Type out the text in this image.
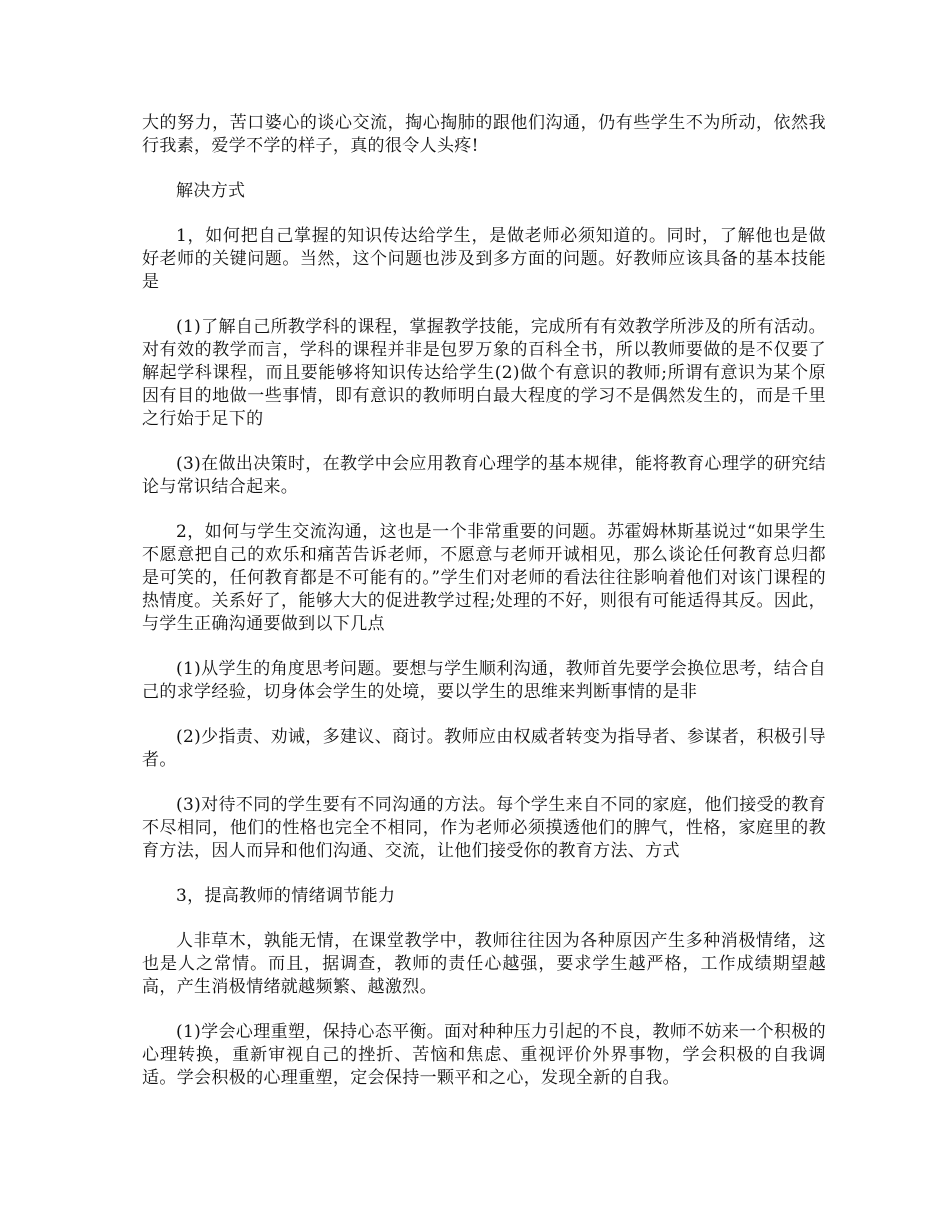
大的努力，苦口婆心的谈心交流，掏心掏肺的跟他们沟通，仍有些学生不为所动，依然我行我素，爱学不学的样子，真的很令人头疼!

解决方式

1，如何把自己掌握的知识传达给学生，是做老师必须知道的。同时，了解他也是做好老师的关键问题。当然，这个问题也涉及到多方面的问题。好教师应该具备的基本技能是

(1)了解自己所教学科的课程，掌握教学技能，完成所有有效教学所涉及的所有活动。对有效的教学而言，学科的课程并非是包罗万象的百科全书，所以教师要做的是不仅要了解起学科课程，而且要能够将知识传达给学生(2)做个有意识的教师;所谓有意识为某个原因有目的地做一些事情，即有意识的教师明白最大程度的学习不是偶然发生的，而是千里之行始于足下的

(3)在做出决策时，在教学中会应用教育心理学的基本规律，能将教育心理学的研究结论与常识结合起来。

2，如何与学生交流沟通，这也是一个非常重要的问题。苏霍姆林斯基说过“如果学生不愿意把自己的欢乐和痛苦告诉老师，不愿意与老师开诚相见，那么谈论任何教育总归都是可笑的，任何教育都是不可能有的。”学生们对老师的看法往往影响着他们对该门课程的热情度。关系好了，能够大大的促进教学过程;处理的不好，则很有可能适得其反。因此，与学生正确沟通要做到以下几点

(1)从学生的角度思考问题。要想与学生顺利沟通，教师首先要学会换位思考，结合自己的求学经验，切身体会学生的处境，要以学生的思维来判断事情的是非

(2)少指责、劝诫，多建议、商讨。教师应由权威者转变为指导者、参谋者，积极引导者。

(3)对待不同的学生要有不同沟通的方法。每个学生来自不同的家庭，他们接受的教育不尽相同，他们的性格也完全不相同，作为老师必须摸透他们的脾气，性格，家庭里的教育方法，因人而异和他们沟通、交流，让他们接受你的教育方法、方式

3，提高教师的情绪调节能力

人非草木，孰能无情，在课堂教学中，教师往往因为各种原因产生多种消极情绪，这也是人之常情。而且，据调查，教师的责任心越强，要求学生越严格，工作成绩期望越高，产生消极情绪就越频繁、越激烈。

(1)学会心理重塑，保持心态平衡。面对种种压力引起的不良，教师不妨来一个积极的心理转换，重新审视自己的挫折、苦恼和焦虑、重视评价外界事物，学会积极的自我调适。学会积极的心理重塑，定会保持一颗平和之心，发现全新的自我。
